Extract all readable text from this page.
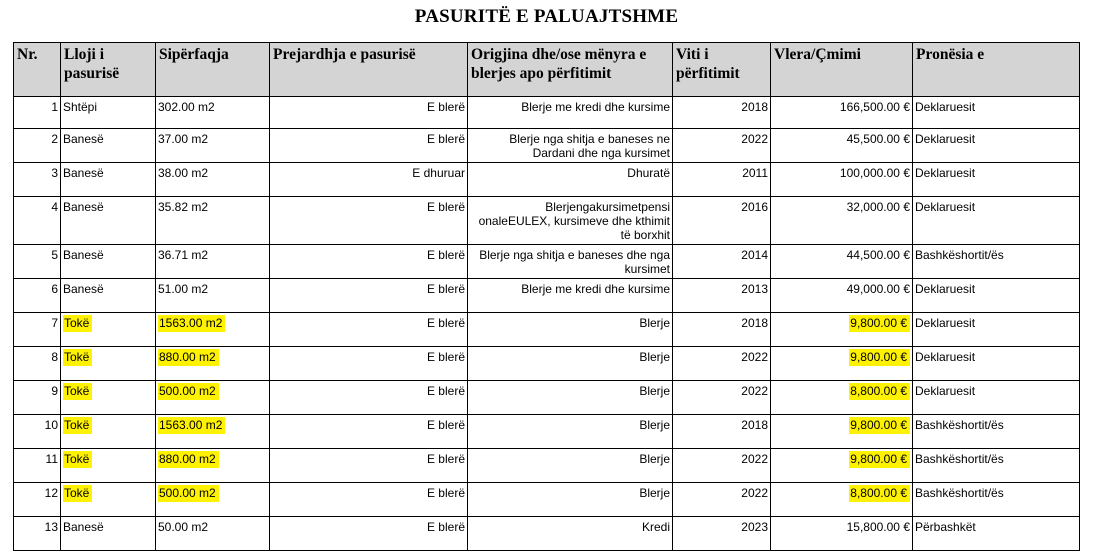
PASURITË E PALUAJTSHME
Nr.	Lloji i pasurisë	Sipërfaqja	Prejardhja e pasurisë	Origjina dhe/ose mënyra e blerjes apo përfitimit	Viti i përfitimit	Vlera/Çmimi	Pronësia e
1	Shtëpi	302.00 m2	E blerë	Blerje me kredi dhe kursime	2018	166,500.00 €	Deklaruesit
2	Banesë	37.00 m2	E blerë	Blerje nga shitja e baneses ne Dardani dhe nga kursimet	2022	45,500.00 €	Deklaruesit
3	Banesë	38.00 m2	E dhuruar	Dhuratë	2011	100,000.00 €	Deklaruesit
4	Banesë	35.82 m2	E blerë	Blerjengakursimetpensi onaleEULEX, kursimeve dhe kthimit të borxhit	2016	32,000.00 €	Deklaruesit
5	Banesë	36.71 m2	E blerë	Blerje nga shitja e baneses dhe nga kursimet	2014	44,500.00 €	Bashkëshortit/ës
6	Banesë	51.00 m2	E blerë	Blerje me kredi dhe kursime	2013	49,000.00 €	Deklaruesit
7	Tokë	1563.00 m2	E blerë	Blerje	2018	9,800.00 €	Deklaruesit
8	Tokë	880.00 m2	E blerë	Blerje	2022	9,800.00 €	Deklaruesit
9	Tokë	500.00 m2	E blerë	Blerje	2022	8,800.00 €	Deklaruesit
10	Tokë	1563.00 m2	E blerë	Blerje	2018	9,800.00 €	Bashkëshortit/ës
11	Tokë	880.00 m2	E blerë	Blerje	2022	9,800.00 €	Bashkëshortit/ës
12	Tokë	500.00 m2	E blerë	Blerje	2022	8,800.00 €	Bashkëshortit/ës
13	Banesë	50.00 m2	E blerë	Kredi	2023	15,800.00 €	Përbashkët
